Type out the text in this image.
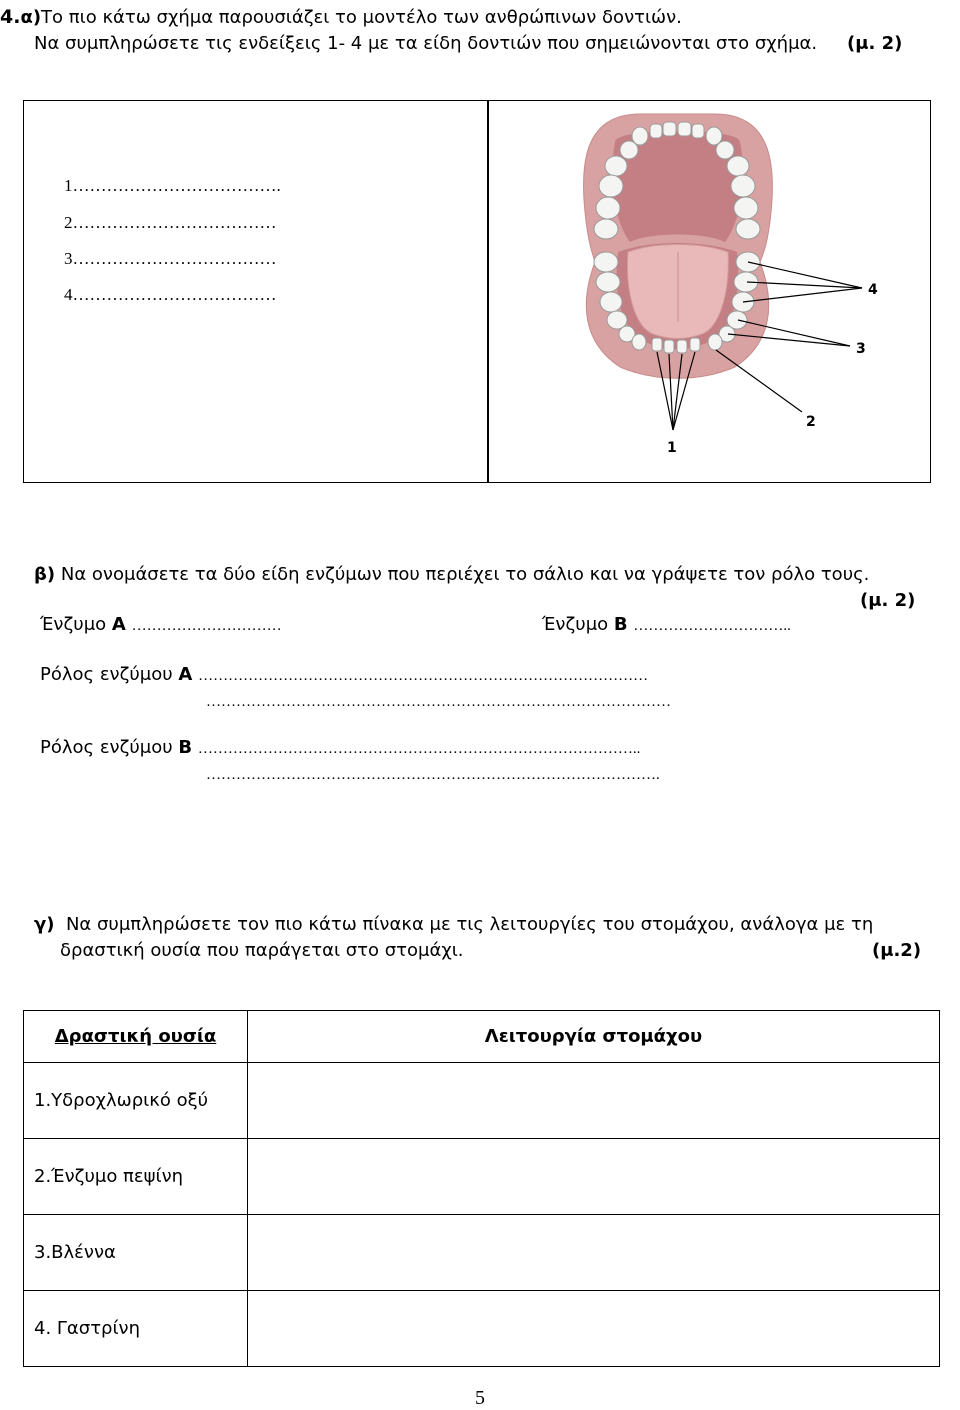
4.α)Το πιο κάτω σχήμα παρουσιάζει το μοντέλο των ανθρώπινων δοντιών.
Να συμπληρώσετε τις ενδείξεις 1- 4 με τα είδη δοντιών που σημειώνονται στο σχήμα. (μ. 2)
1……………………………….
2………………………………
3………………………………
4………………………………
1
2
3
4
β) Να ονομάσετε τα δύο είδη ενζύμων που περιέχει το σάλιο και να γράψετε τον ρόλο τους.
(μ. 2)
Ένζυμο Α …………………………	Ένζυμο Β …………………………..
Ρόλος ενζύμου Α ………………………………………………………………………………
…………………………………………………………………………………
Ρόλος ενζύμου Β ……………………………………………………………………………..
……………………………………………………………………………….
γ) Να συμπληρώσετε τον πιο κάτω πίνακα με τις λειτουργίες του στομάχου, ανάλογα με τη
δραστική ουσία που παράγεται στο στομάχι.	(μ.2)
Δραστική ουσία	Λειτουργία στομάχου
1.Υδροχλωρικό οξύ	
2.Ένζυμο πεψίνη	
3.Βλέννα	
4. Γαστρίνη	
5
